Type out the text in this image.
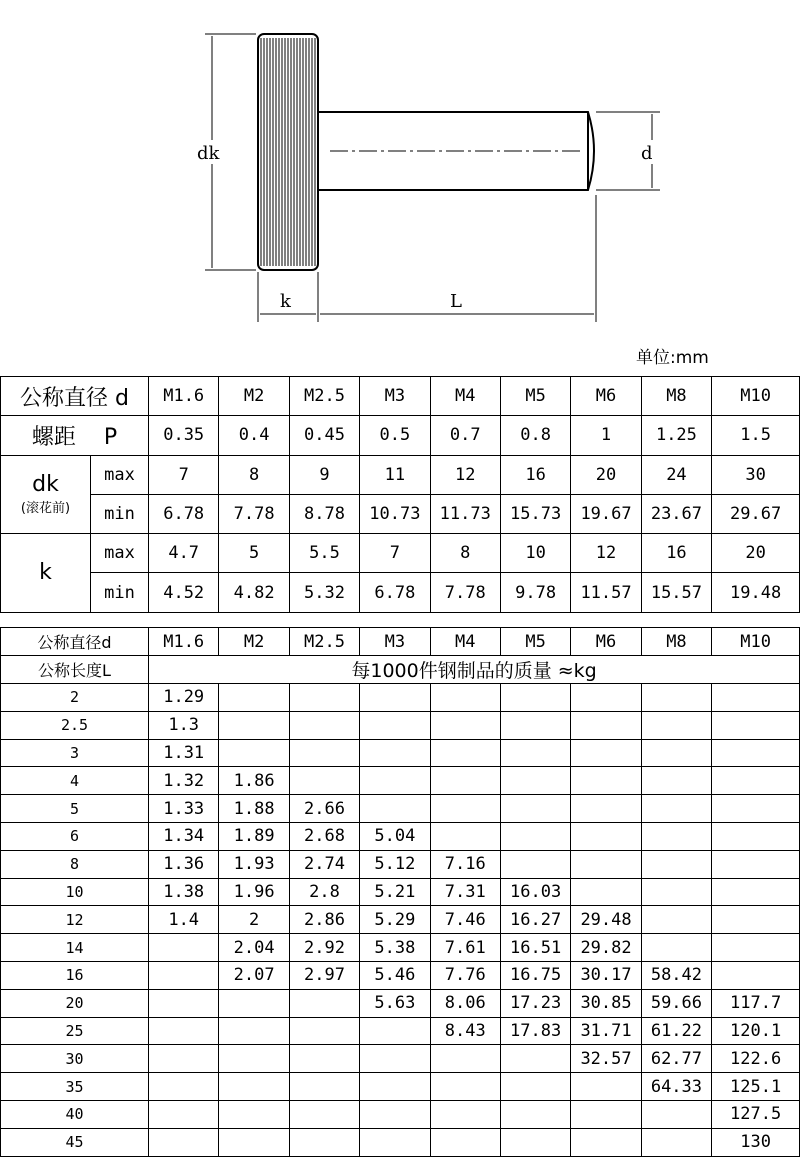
dk	d
k	L
单位:mm
公称直径 d		M1.6	M2	M2.5	M3	M4	M5	M6	M8	M10
螺距 P		0.35	0.4	0.45	0.5	0.7	0.8	1	1.25	1.5

dk
(滚花前)	max	7	8	9	11	12	16	20	24	30
	min	6.78	7.78	8.78	10.73	11.73	15.73	19.67	23.67	29.67
k	max	4.7	5	5.5	7	8	10	12	16	20
	min	4.52	4.82	5.32	6.78	7.78	9.78	11.57	15.57	19.48
公称直径d	M1.6	M2	M2.5	M3	M4	M5	M6	M8	M10
公称长度L	每1000件钢制品的质量 ≈kg								
2	1.29								
2.5	1.3								
3	1.31								
4	1.32	1.86							
5	1.33	1.88	2.66						
6	1.34	1.89	2.68	5.04					
8	1.36	1.93	2.74	5.12	7.16				
10	1.38	1.96	2.8	5.21	7.31	16.03			
12	1.4	2	2.86	5.29	7.46	16.27	29.48		
14		2.04	2.92	5.38	7.61	16.51	29.82		
16		2.07	2.97	5.46	7.76	16.75	30.17	58.42	
20				5.63	8.06	17.23	30.85	59.66	117.7
25					8.43	17.83	31.71	61.22	120.1
30							32.57	62.77	122.6
35								64.33	125.1
40									127.5
45									130
